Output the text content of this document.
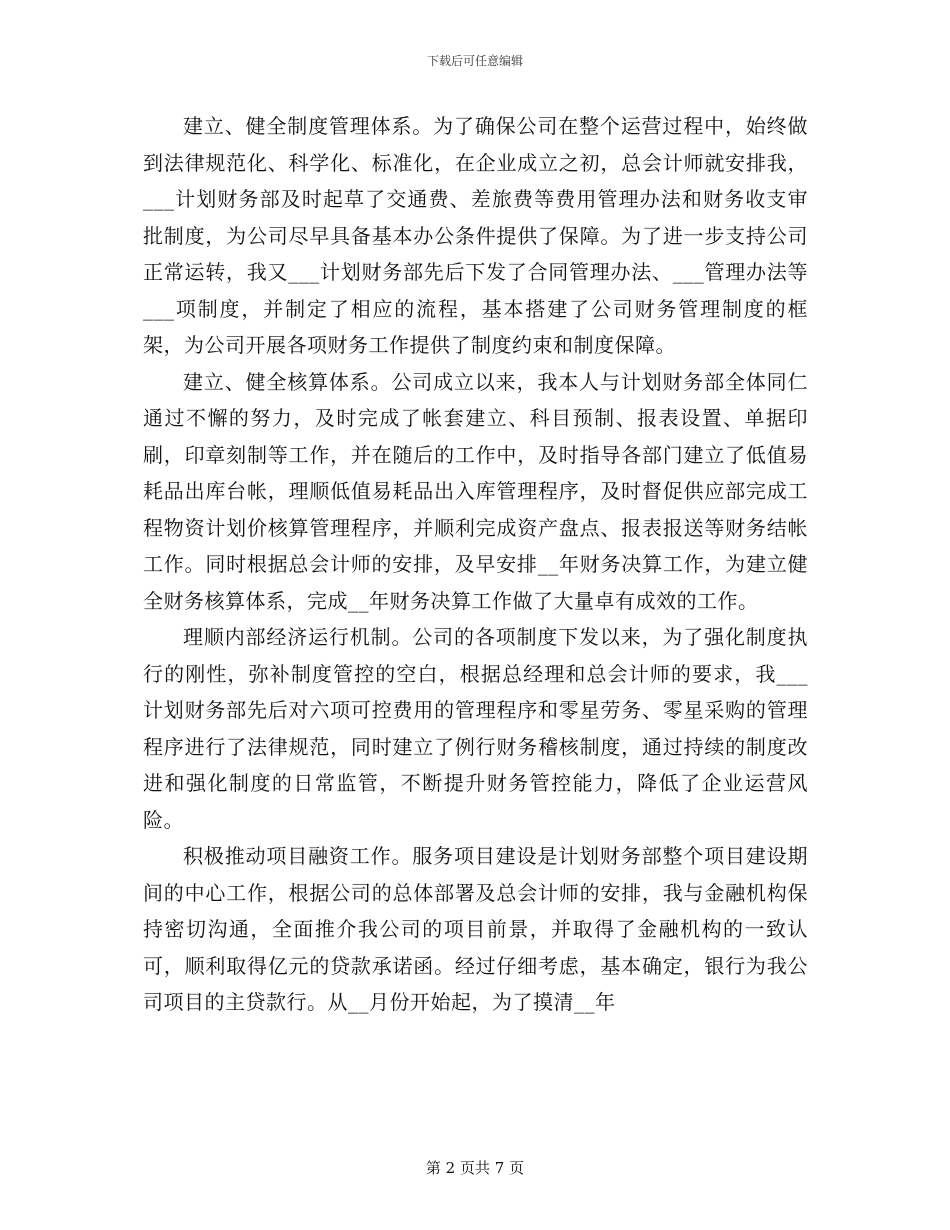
下载后可任意编辑

建立、健全制度管理体系。为了确保公司在整个运营过程中，始终做到法律规范化、科学化、标准化，在企业成立之初，总会计师就安排我，___计划财务部及时起草了交通费、差旅费等费用管理办法和财务收支审批制度，为公司尽早具备基本办公条件提供了保障。为了进一步支持公司正常运转，我又___计划财务部先后下发了合同管理办法、___管理办法等___项制度，并制定了相应的流程，基本搭建了公司财务管理制度的框架，为公司开展各项财务工作提供了制度约束和制度保障。

建立、健全核算体系。公司成立以来，我本人与计划财务部全体同仁通过不懈的努力，及时完成了帐套建立、科目预制、报表设置、单据印刷，印章刻制等工作，并在随后的工作中，及时指导各部门建立了低值易耗品出库台帐，理顺低值易耗品出入库管理程序，及时督促供应部完成工程物资计划价核算管理程序，并顺利完成资产盘点、报表报送等财务结帐工作。同时根据总会计师的安排，及早安排__年财务决算工作，为建立健全财务核算体系，完成__年财务决算工作做了大量卓有成效的工作。

理顺内部经济运行机制。公司的各项制度下发以来，为了强化制度执行的刚性，弥补制度管控的空白，根据总经理和总会计师的要求，我___计划财务部先后对六项可控费用的管理程序和零星劳务、零星采购的管理程序进行了法律规范，同时建立了例行财务稽核制度，通过持续的制度改进和强化制度的日常监管，不断提升财务管控能力，降低了企业运营风险。

积极推动项目融资工作。服务项目建设是计划财务部整个项目建设期间的中心工作，根据公司的总体部署及总会计师的安排，我与金融机构保持密切沟通，全面推介我公司的项目前景，并取得了金融机构的一致认可，顺利取得亿元的贷款承诺函。经过仔细考虑，基本确定，银行为我公司项目的主贷款行。从__月份开始起，为了摸清__年

第 2 页共 7 页
